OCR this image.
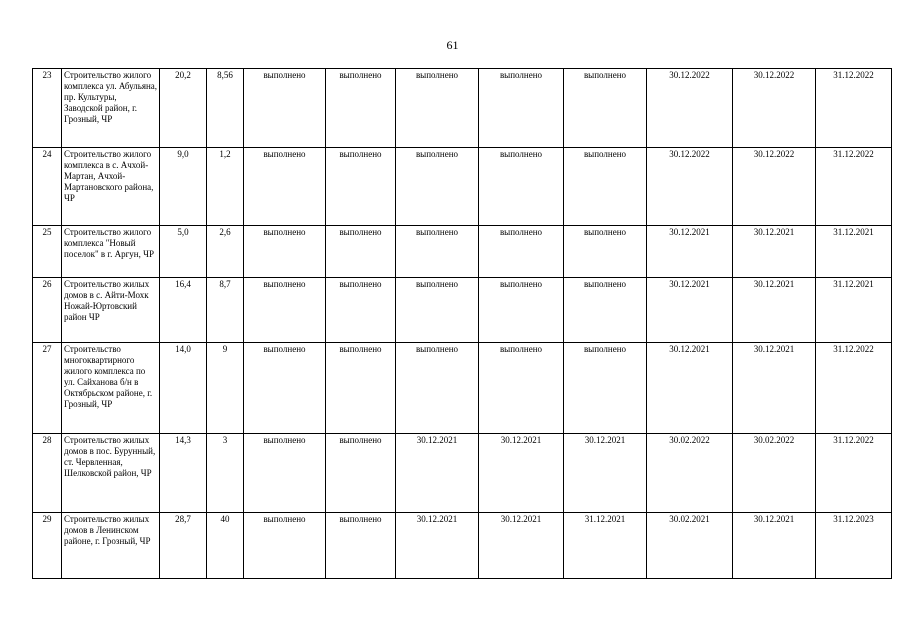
61
23	Строительство жилого комплекса ул. Абульяна, пр. Культуры, Заводской район, г. Грозный, ЧР	20,2	8,56	выполнено	выполнено	выполнено	выполнено	выполнено	30.12.2022	30.12.2022	31.12.2022
24	Строительство жилого комплекса в с. Ачхой-Мартан, Ачхой-Мартановского района, ЧР	9,0	1,2	выполнено	выполнено	выполнено	выполнено	выполнено	30.12.2022	30.12.2022	31.12.2022
25	Строительство жилого комплекса "Новый поселок" в г. Аргун, ЧР	5,0	2,6	выполнено	выполнено	выполнено	выполнено	выполнено	30.12.2021	30.12.2021	31.12.2021
26	Строительство жилых домов в с. Айти-Мохк Ножай-Юртовский район ЧР	16,4	8,7	выполнено	выполнено	выполнено	выполнено	выполнено	30.12.2021	30.12.2021	31.12.2021
27	Строительство многоквартирного жилого комплекса по ул. Сайханова б/н в Октябрьском районе, г. Грозный, ЧР	14,0	9	выполнено	выполнено	выполнено	выполнено	выполнено	30.12.2021	30.12.2021	31.12.2022
28	Строительство жилых домов в пос. Бурунный, ст. Червленная, Шелковской район, ЧР	14,3	3	выполнено	выполнено	30.12.2021	30.12.2021	30.12.2021	30.02.2022	30.02.2022	31.12.2022
29	Строительство жилых домов в Ленинском районе, г. Грозный, ЧР	28,7	40	выполнено	выполнено	30.12.2021	30.12.2021	31.12.2021	30.02.2021	30.12.2021	31.12.2023
